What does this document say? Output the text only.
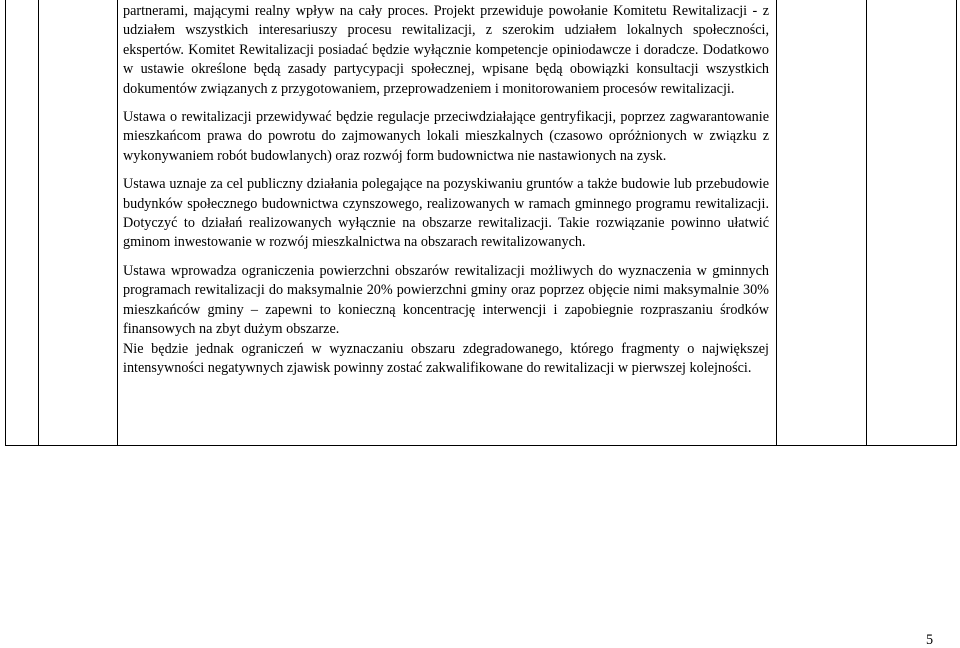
partnerami, mającymi realny wpływ na cały proces. Projekt przewiduje powołanie Komitetu Rewitalizacji - z udziałem wszystkich interesariuszy procesu rewitalizacji, z szerokim udziałem lokalnych społeczności, ekspertów. Komitet Rewitalizacji posiadać będzie wyłącznie kompetencje opiniodawcze i doradcze. Dodatkowo w ustawie określone będą zasady partycypacji społecznej, wpisane będą obowiązki konsultacji wszystkich dokumentów związanych z przygotowaniem, przeprowadzeniem i monitorowaniem procesów rewitalizacji.

Ustawa o rewitalizacji przewidywać będzie regulacje przeciwdziałające gentryfikacji, poprzez zagwarantowanie mieszkańcom prawa do powrotu do zajmowanych lokali mieszkalnych (czasowo opróżnionych w związku z wykonywaniem robót budowlanych) oraz rozwój form budownictwa nie nastawionych na zysk.

Ustawa uznaje za cel publiczny działania polegające na pozyskiwaniu gruntów a także budowie lub przebudowie budynków społecznego budownictwa czynszowego, realizowanych w ramach gminnego programu rewitalizacji. Dotyczyć to działań realizowanych wyłącznie na obszarze rewitalizacji. Takie rozwiązanie powinno ułatwić gminom inwestowanie w rozwój mieszkalnictwa na obszarach rewitalizowanych.

Ustawa wprowadza ograniczenia powierzchni obszarów rewitalizacji możliwych do wyznaczenia w gminnych programach rewitalizacji do maksymalnie 20% powierzchni gminy oraz poprzez objęcie nimi maksymalnie 30% mieszkańców gminy – zapewni to konieczną koncentrację interwencji i zapobiegnie rozpraszaniu środków finansowych na zbyt dużym obszarze.

Nie będzie jednak ograniczeń w wyznaczaniu obszaru zdegradowanego, którego fragmenty o największej intensywności negatywnych zjawisk powinny zostać zakwalifikowane do rewitalizacji w pierwszej kolejności.

5
